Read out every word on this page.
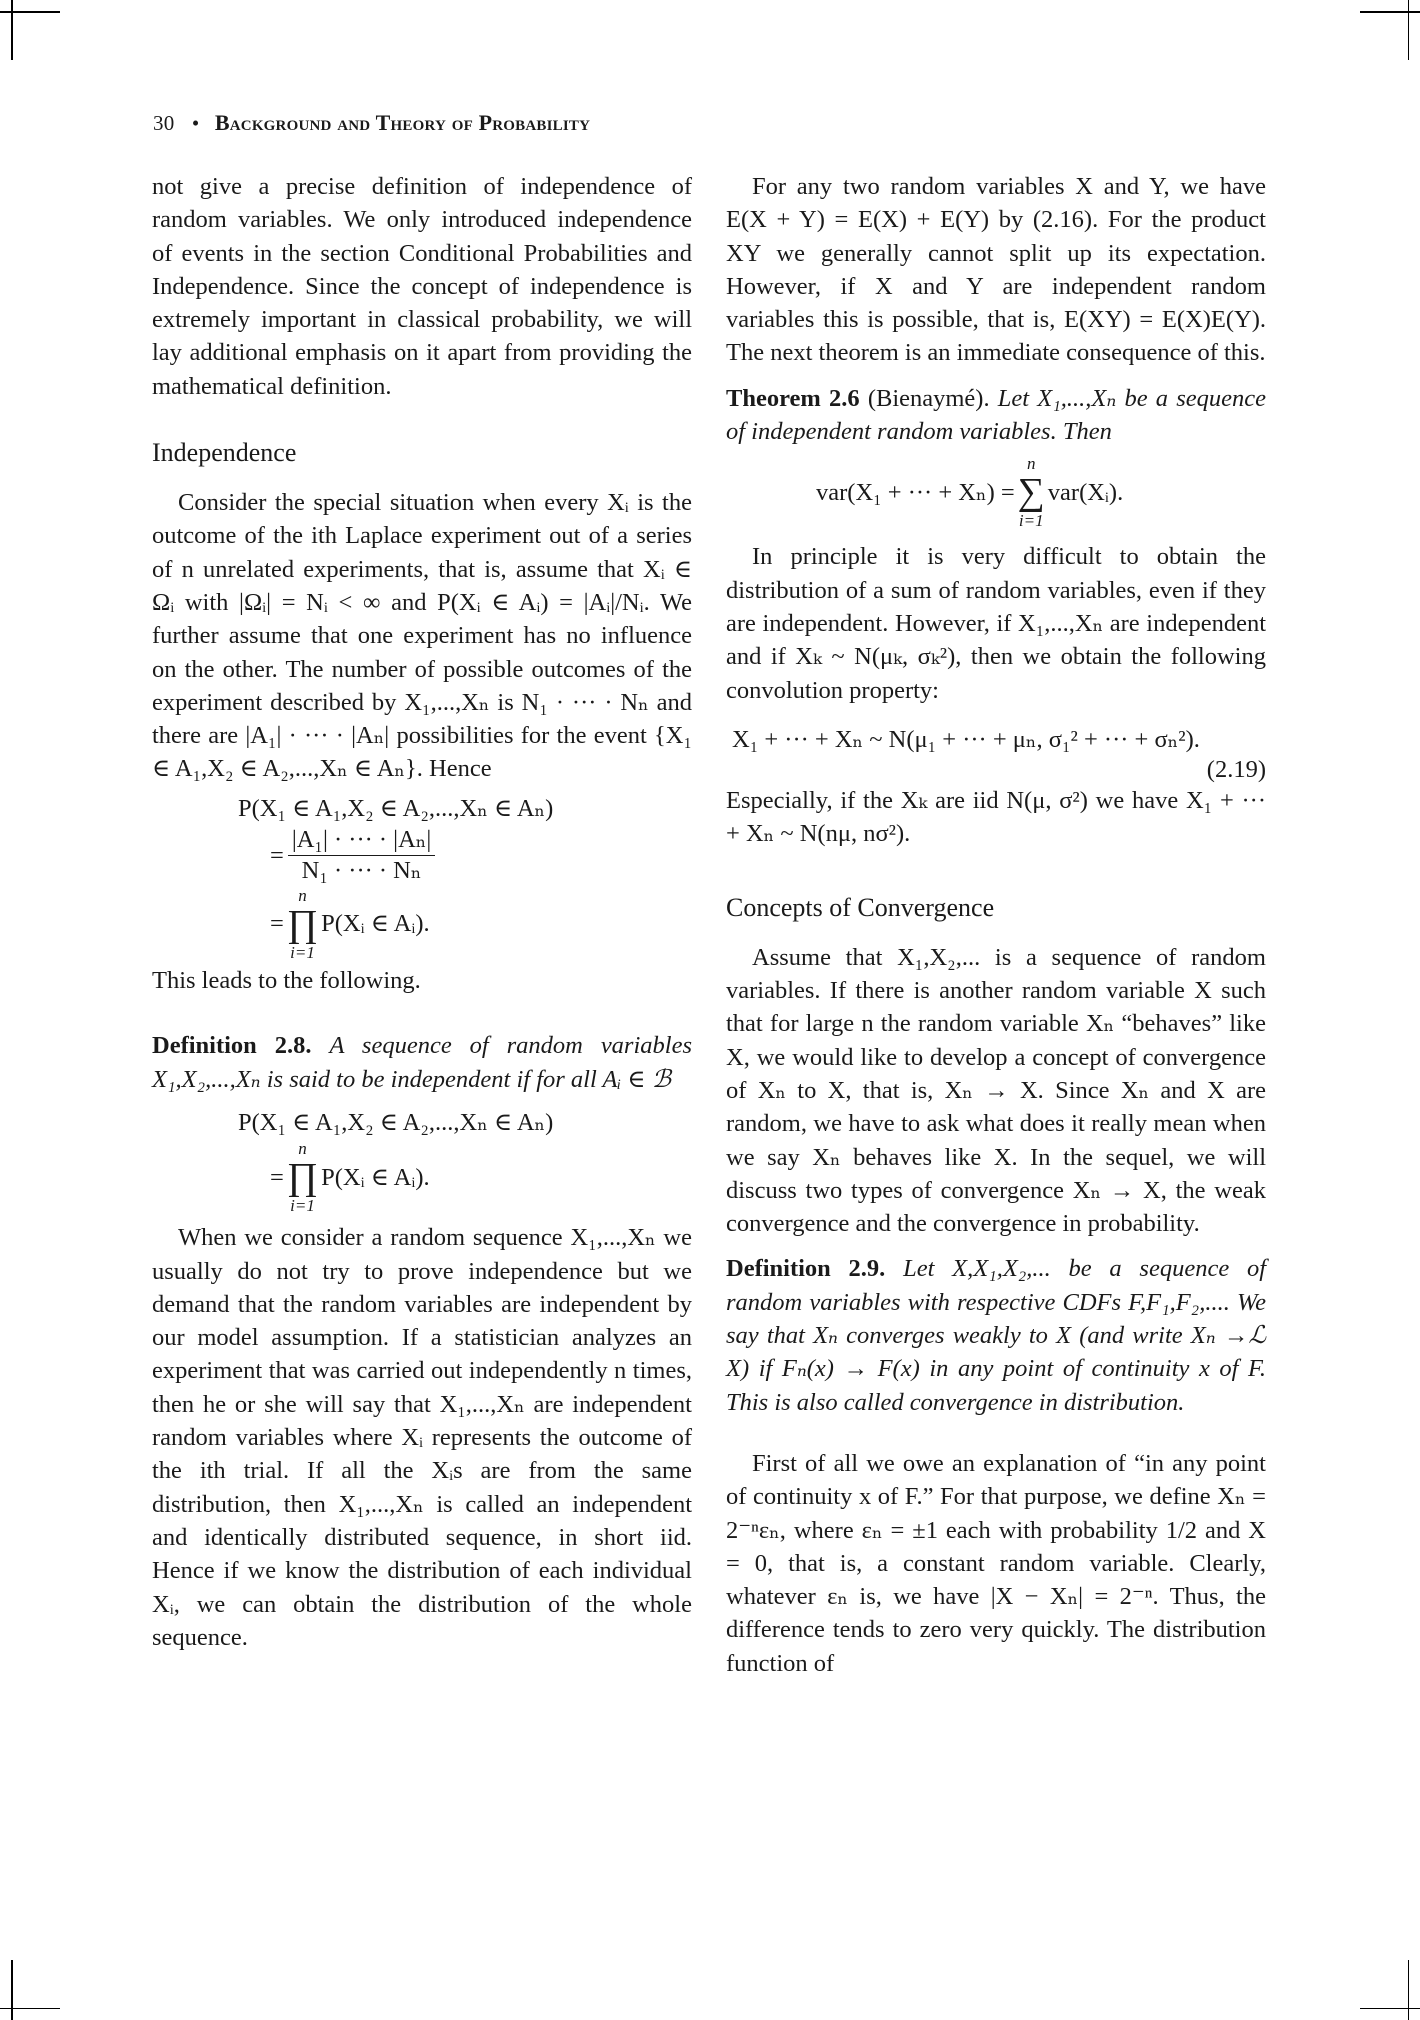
30 • Background and Theory of Probability

not give a precise definition of independence of random variables. We only introduced independence of events in the section Conditional Probabilities and Independence. Since the concept of independence is extremely important in classical probability, we will lay additional emphasis on it apart from providing the mathematical definition.

Independence

Consider the special situation when every Xᵢ is the outcome of the ith Laplace experiment out of a series of n unrelated experiments, that is, assume that Xᵢ ∈ Ωᵢ with |Ωᵢ| = Nᵢ < ∞ and P(Xᵢ ∈ Aᵢ) = |Aᵢ|/Nᵢ. We further assume that one experiment has no influence on the other. The number of possible outcomes of the experiment described by X₁,...,Xₙ is N₁ · ··· · Nₙ and there are |A₁| · ··· · |Aₙ| possibilities for the event {X₁ ∈ A₁,X₂ ∈ A₂,...,Xₙ ∈ Aₙ}. Hence

P(X₁ ∈ A₁,X₂ ∈ A₂,...,Xₙ ∈ Aₙ)
= $\frac{\text{|A₁| · ··· · |Aₙ|}}{\text{N₁ · ··· · Nₙ}}$
=
n
∏
i=1
P(Xᵢ ∈ Aᵢ).

This leads to the following.

Definition 2.8. A sequence of random variables X₁,X₂,...,Xₙ is said to be independent if for all Aᵢ ∈ ℬ

P(X₁ ∈ A₁,X₂ ∈ A₂,...,Xₙ ∈ Aₙ)
=
n
∏
i=1
P(Xᵢ ∈ Aᵢ).

When we consider a random sequence X₁,...,Xₙ we usually do not try to prove independence but we demand that the random variables are independent by our model assumption. If a statistician analyzes an experiment that was carried out independently n times, then he or she will say that X₁,...,Xₙ are independent random variables where Xᵢ represents the outcome of the ith trial. If all the Xᵢs are from the same distribution, then X₁,...,Xₙ is called an independent and identically distributed sequence, in short iid. Hence if we know the distribution of each individual Xᵢ, we can obtain the distribution of the whole sequence.

For any two random variables X and Y, we have E(X + Y) = E(X) + E(Y) by (2.16). For the product XY we generally cannot split up its expectation. However, if X and Y are independent random variables this is possible, that is, E(XY) = E(X)E(Y). The next theorem is an immediate consequence of this.

Theorem 2.6 (Bienaymé). Let X₁,...,Xₙ be a sequence of independent random variables. Then

var(X₁ + ··· + Xₙ) =
n
∑
i=1
var(Xᵢ).

In principle it is very difficult to obtain the distribution of a sum of random variables, even if they are independent. However, if X₁,...,Xₙ are independent and if Xₖ ~ N(μₖ, σₖ²), then we obtain the following convolution property:

X₁ + ··· + Xₙ ~ N(μ₁ + ··· + μₙ, σ₁² + ··· + σₙ²).
(2.19)

Especially, if the Xₖ are iid N(μ, σ²) we have X₁ + ··· + Xₙ ~ N(nμ, nσ²).

Concepts of Convergence

Assume that X₁,X₂,... is a sequence of random variables. If there is another random variable X such that for large n the random variable Xₙ “behaves” like X, we would like to develop a concept of convergence of Xₙ to X, that is, Xₙ → X. Since Xₙ and X are random, we have to ask what does it really mean when we say Xₙ behaves like X. In the sequel, we will discuss two types of convergence Xₙ → X, the weak convergence and the convergence in probability.

Definition 2.9. Let X,X₁,X₂,... be a sequence of random variables with respective CDFs F,F₁,F₂,.... We say that Xₙ converges weakly to X (and write Xₙ →ℒ X) if Fₙ(x) → F(x) in any point of continuity x of F. This is also called convergence in distribution.

First of all we owe an explanation of “in any point of continuity x of F.” For that purpose, we define Xₙ = 2⁻ⁿεₙ, where εₙ = ±1 each with probability 1/2 and X = 0, that is, a constant random variable. Clearly, whatever εₙ is, we have |X − Xₙ| = 2⁻ⁿ. Thus, the difference tends to zero very quickly. The distribution function of
